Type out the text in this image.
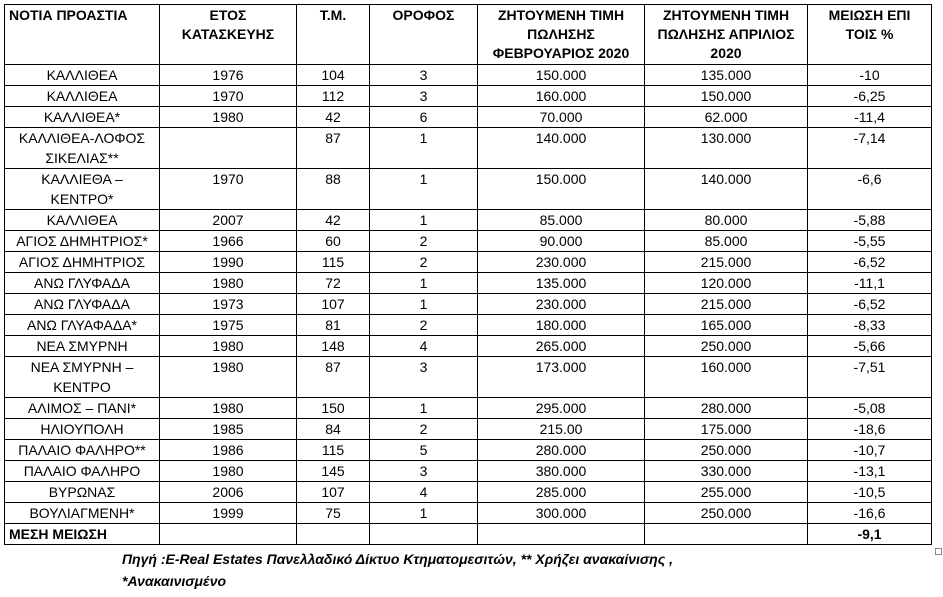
ΝΟΤΙΑ ΠΡΟΑΣΤΙΑ	ΕΤΟΣ ΚΑΤΑΣΚΕΥΗΣ	Τ.Μ.	ΟΡΟΦΟΣ	ΖΗΤΟΥΜΕΝΗ ΤΙΜΗ ΠΩΛΗΣΗΣ ΦΕΒΡΟΥΑΡΙΟΣ 2020	ΖΗΤΟΥΜΕΝΗ ΤΙΜΗ ΠΩΛΗΣΗΣ ΑΠΡΙΛΙΟΣ 2020	ΜΕΙΩΣΗ ΕΠΙ ΤΟΙΣ %
ΚΑΛΛΙΘΕΑ	1976	104	3	150.000	135.000	-10
ΚΑΛΛΙΘΕΑ	1970	112	3	160.000	150.000	-6,25
ΚΑΛΛΙΘΕΑ*	1980	42	6	70.000	62.000	-11,4
ΚΑΛΛΙΘΕΑ-ΛΟΦΟΣ ΣΙΚΕΛΙΑΣ**		87	1	140.000	130.000	-7,14
ΚΑΛΛΙΕΘΑ – ΚΕΝΤΡΟ*	1970	88	1	150.000	140.000	-6,6
ΚΑΛΛΙΘΕΑ	2007	42	1	85.000	80.000	-5,88
ΑΓΙΟΣ ΔΗΜΗΤΡΙΟΣ*	1966	60	2	90.000	85.000	-5,55
ΑΓΙΟΣ ΔΗΜΗΤΡΙΟΣ	1990	115	2	230.000	215.000	-6,52
ΑΝΩ ΓΛΥΦΑΔΑ	1980	72	1	135.000	120.000	-11,1
ΑΝΩ ΓΛΥΦΑΔΑ	1973	107	1	230.000	215.000	-6,52
ΑΝΩ ΓΛΥΑΦΑΔΑ*	1975	81	2	180.000	165.000	-8,33
ΝΕΑ ΣΜΥΡΝΗ	1980	148	4	265.000	250.000	-5,66
ΝΕΑ ΣΜΥΡΝΗ – ΚΕΝΤΡΟ	1980	87	3	173.000	160.000	-7,51
ΑΛΙΜΟΣ – ΠΑΝΙ*	1980	150	1	295.000	280.000	-5,08
ΗΛΙΟΥΠΟΛΗ	1985	84	2	215.00	175.000	-18,6
ΠΑΛΑΙΟ ΦΑΛΗΡΟ**	1986	115	5	280.000	250.000	-10,7
ΠΑΛΑΙΟ ΦΑΛΗΡΟ	1980	145	3	380.000	330.000	-13,1
ΒΥΡΩΝΑΣ	2006	107	4	285.000	255.000	-10,5
ΒΟΥΛΙΑΓΜΕΝΗ*	1999	75	1	300.000	250.000	-16,6
ΜΕΣΗ ΜΕΙΩΣΗ						-9,1
Πηγή :E-Real Estates Πανελλαδικό Δίκτυο Κτηματομεσιτών, ** Χρήζει ανακαίνισης ,
*Ανακαινισμένο
